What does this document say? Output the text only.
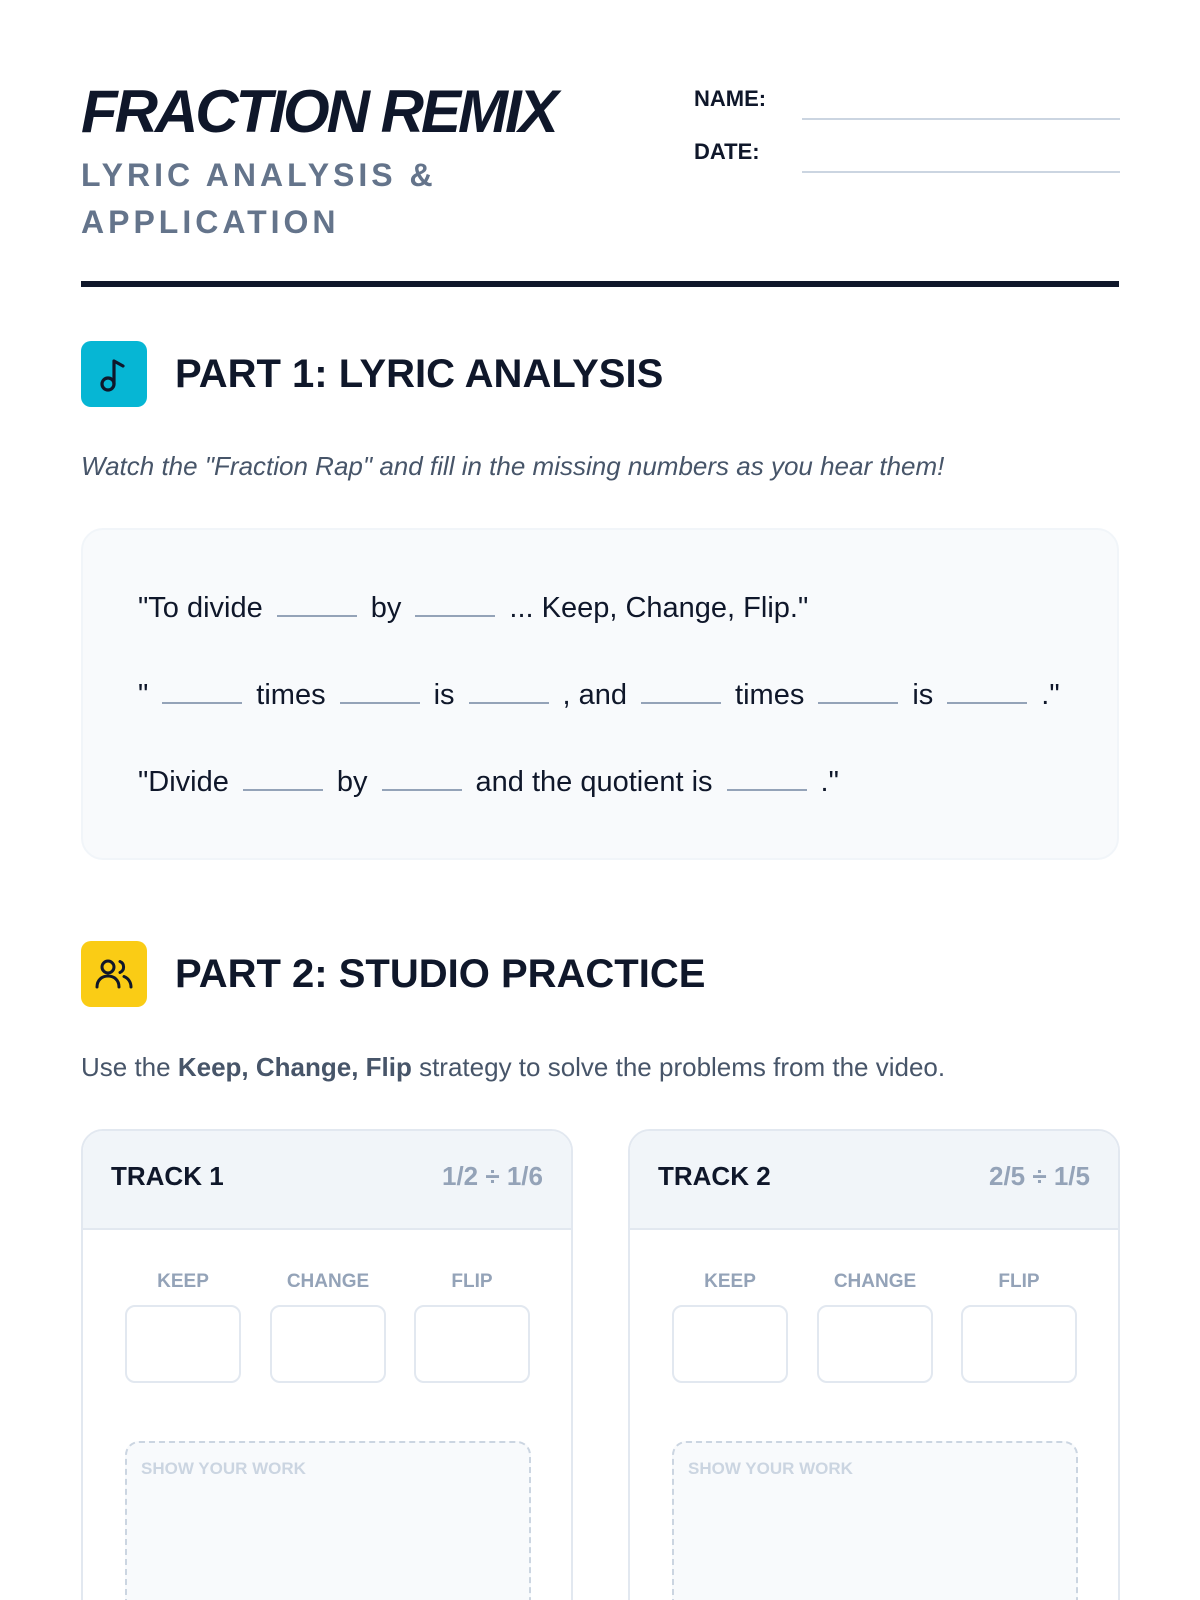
FRACTION REMIX
LYRIC ANALYSIS & APPLICATION
NAME:
DATE:
PART 1: LYRIC ANALYSIS
Watch the "Fraction Rap" and fill in the missing numbers as you hear them!
"To divide	by	... Keep, Change, Flip."
"	times	is	, and	times	is	."
"Divide	by	and the quotient is	."
PART 2: STUDIO PRACTICE
Use the Keep, Change, Flip strategy to solve the problems from the video.
TRACK 1	1/2 ÷ 1/6
KEEP	CHANGE	FLIP
SHOW YOUR WORK
TRACK 2	2/5 ÷ 1/5
KEEP	CHANGE	FLIP
SHOW YOUR WORK
